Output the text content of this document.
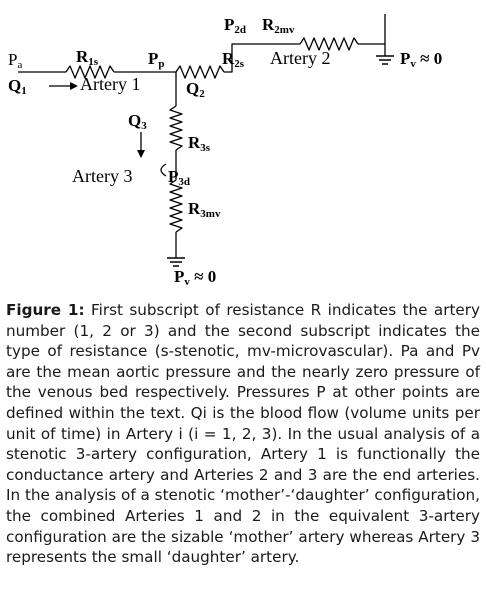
Pa
Q1
R1s
Artery 1
Pp
Q2
P2d R2mv
R2s Artery 2	Pv ≈ 0
Q3
R3s
Artery 3 P3d
R3mv
Pv ≈ 0

Figure 1: First subscript of resistance R indicates the artery number (1, 2 or 3) and the second subscript indicates the type of resistance (s-stenotic, mv-microvascular). Pa and Pv are the mean aortic pressure and the nearly zero pressure of the venous bed respectively. Pressures P at other points are defined within the text. Qi is the blood flow (volume units per unit of time) in Artery i (i = 1, 2, 3). In the usual analysis of a stenotic 3-artery configuration, Artery 1 is functionally the conductance artery and Arteries 2 and 3 are the end arteries. In the analysis of a stenotic ‘mother’-‘daughter’ configuration, the combined Arteries 1 and 2 in the equivalent 3-artery configuration are the sizable ‘mother’ artery whereas Artery 3 represents the small ‘daughter’ artery.
